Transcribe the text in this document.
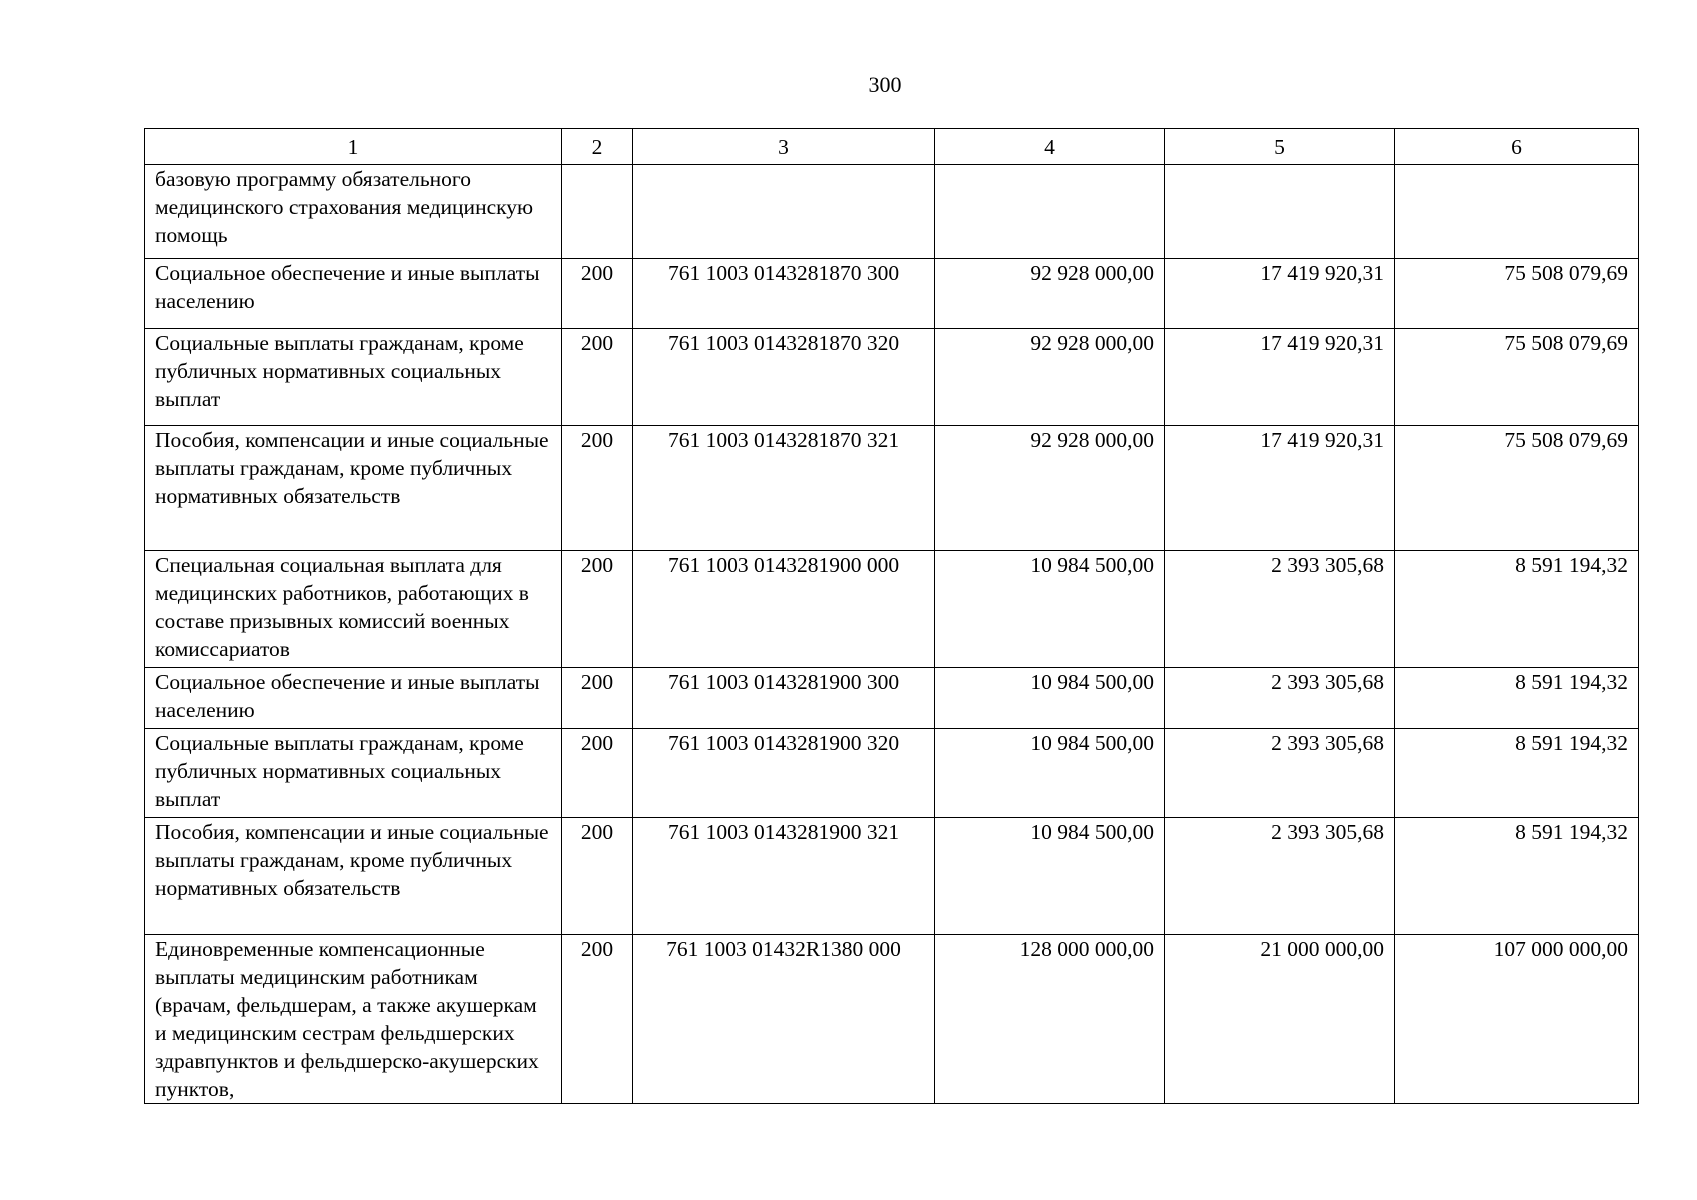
300
1	2	3	4	5	6
базовую программу обязательного медицинского страхования медицинскую помощь					
Социальное обеспечение и иные выплаты населению	200	761 1003 0143281870 300	92 928 000,00	17 419 920,31	75 508 079,69
Социальные выплаты гражданам, кроме публичных нормативных социальных выплат	200	761 1003 0143281870 320	92 928 000,00	17 419 920,31	75 508 079,69
Пособия, компенсации и иные социальные выплаты гражданам, кроме публичных нормативных обязательств	200	761 1003 0143281870 321	92 928 000,00	17 419 920,31	75 508 079,69
Специальная социальная выплата для медицинских работников, работающих в составе призывных комиссий военных комиссариатов	200	761 1003 0143281900 000	10 984 500,00	2 393 305,68	8 591 194,32
Социальное обеспечение и иные выплаты населению	200	761 1003 0143281900 300	10 984 500,00	2 393 305,68	8 591 194,32
Социальные выплаты гражданам, кроме публичных нормативных социальных выплат	200	761 1003 0143281900 320	10 984 500,00	2 393 305,68	8 591 194,32
Пособия, компенсации и иные социальные выплаты гражданам, кроме публичных нормативных обязательств	200	761 1003 0143281900 321	10 984 500,00	2 393 305,68	8 591 194,32
Единовременные компенсационные выплаты медицинским работникам (врачам, фельдшерам, а также акушеркам и медицинским сестрам фельдшерских здравпунктов и фельдшерско-акушерских пунктов,	200	761 1003 01432R1380 000	128 000 000,00	21 000 000,00	107 000 000,00
